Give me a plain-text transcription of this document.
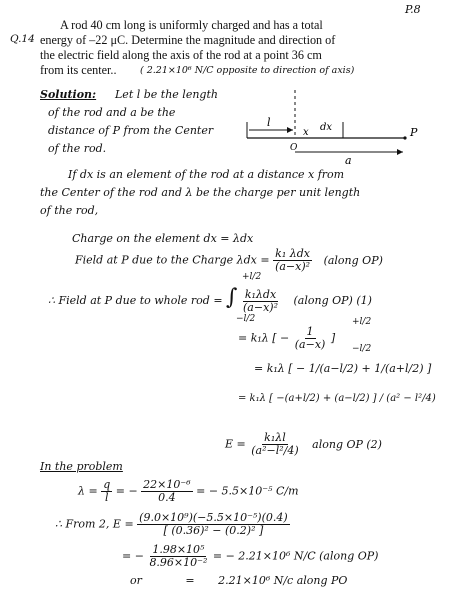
P.8
Q.14
A rod 40 cm long is uniformly charged and has a total
energy of –22 μC. Determine the magnitude and direction of
the electric field along the axis of the rod at a point 36 cm
from its center.. ( 2.21×10⁶ N/C opposite to direction of axis)
Solution: Let l be the length
of the rod and a be the
distance of P from the Center
of the rod.
l
x dx
O
P
a
If dx is an element of the rod at a distance x from
the Center of the rod and λ be the charge per unit length
of the rod,
Charge on the element dx = λdx
Field at P due to the Charge $\lambda dx = \frac{\text{k₁ λdx}}{\text{(a−x)²}}$ (along OP)
∴ Field at P due to whole rod = ∫ $\frac{\text{k₁λdx}}{\text{(a−x)²}}$ (along OP) (1)
+l/2
−l/2
= k₁λ [ − $\frac{1}{(a-x)}$ ]
+l/2
−l/2
= k₁λ [ − 1/(a−l/2) + 1/(a+l/2) ]
= k₁λ [ −(a+l/2) + (a−l/2) ] / (a² − l²/4)
$E = \frac{\text{k₁λl}}{\text{(a²−l²/4)}}$ along OP (2)
In the problem
$\lambda = \frac{q}{l}$ = − $\frac{\text{22×10⁻⁶}}{0.4}$ = − 5.5×10⁻⁵ C/m
∴ From 2, $E = \frac{\text{(9.0×10⁹)(−5.5×10⁻⁵)(0.4)}}{\text{[ (0.36)² − (0.2)² ]}}$
= − $\frac{\text{1.98×10⁵}}{\text{8.96×10⁻²}}$ = − 2.21×10⁶ N/C (along OP)
or	= 2.21×10⁶ N/c along PO
